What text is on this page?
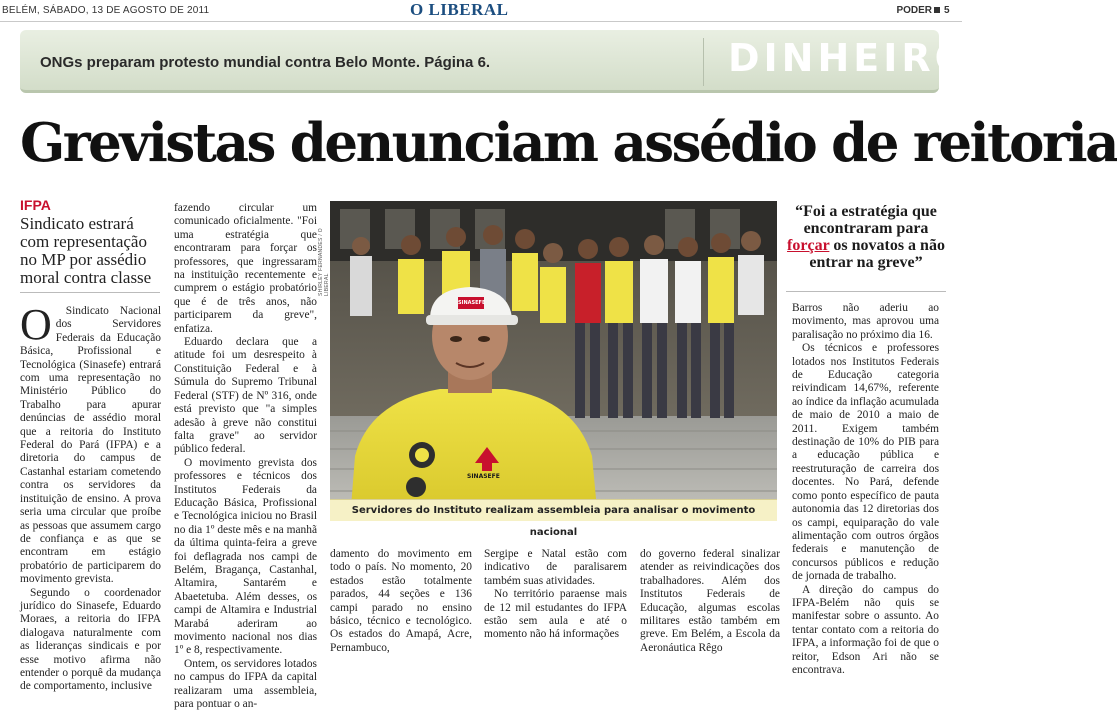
BELÉM, SÁBADO, 13 DE AGOSTO DE 2011	O LIBERAL	PODER 5
ONGs preparam protesto mundial contra Belo Monte. Página 6.	DINHEIRO
Grevistas denunciam assédio de reitoria
IFPA
Sindicato estrará com representação no MP por assédio moral contra classe
O	Sindicato Nacional dos Servidores Federais da Educação Básica, Profissional e Tecnológica (Sinasefe) entrará com uma representação no Ministério Público do Trabalho para apurar denúncias de assédio moral que a reitoria do Instituto Federal do Pará (IFPA) e a diretoria do campus de Castanhal estariam cometendo contra os servidores da instituição de ensino. A prova seria uma circular que proíbe as pessoas que assumem cargo de confiança e as que se encontram em estágio probatório de participarem do movimento grevista.

Segundo o coordenador jurídico do Sinasefe, Eduardo Moraes, a reitoria do IFPA dialogava naturalmente com as lideranças sindicais e por esse motivo afirma não entender o porquê da mudança de comportamento, inclusive

fazendo circular um comunicado oficialmente. "Foi uma estratégia que encontraram para forçar os professores, que ingressaram na instituição recentemente e cumprem o estágio probatório que é de três anos, não participarem da greve", enfatiza.

Eduardo declara que a atitude foi um desrespeito à Constituição Federal e à Súmula do Supremo Tribunal Federal (STF) de Nº 316, onde está previsto que "a simples adesão à greve não constitui falta grave" ao servidor público federal.

O movimento grevista dos professores e técnicos dos Institutos Federais da Educação Básica, Profissional e Tecnológica iniciou no Brasil no dia 1º deste mês e na manhã da última quinta-feira a greve foi deflagrada nos campi de Belém, Bragança, Castanhal, Altamira, Santarém e Abaetetuba. Além desses, os campi de Altamira e Industrial Marabá aderiram ao movimento nacional nos dias 1º e 8, respectivamente.

Ontem, os servidores lotados no campus do IFPA da capital realizaram uma assembleia, para pontuar o an-

SHIRLEY FERNANDES / O LIBERAL
SINASEFE
SINASEFE
Servidores do Instituto realizam assembleia para analisar o movimento nacional

damento do movimento em todo o país. No momento, 20 estados estão totalmente parados, 44 seções e 136 campi parado no ensino básico, técnico e tecnológico. Os estados do Amapá, Acre, Pernambuco,

Sergipe e Natal estão com indicativo de paralisarem também suas atividades.

No território paraense mais de 12 mil estudantes do IFPA estão sem aula e até o momento não há informações

do governo federal sinalizar atender as reivindicações dos trabalhadores. Além dos Institutos Federais de Educação, algumas escolas militares estão também em greve. Em Belém, a Escola da Aeronáutica Rêgo

“Foi a estratégia que encontraram para forçar os novatos a não entrar na greve”

Barros não aderiu ao movimento, mas aprovou uma paralisação no próximo dia 16.

Os técnicos e professores lotados nos Institutos Federais de Educação categoria reivindicam 14,67%, referente ao índice da inflação acumulada de maio de 2010 a maio de 2011. Exigem também destinação de 10% do PIB para a educação pública e reestruturação de carreira dos docentes. No Pará, defende como ponto específico de pauta autonomia das 12 diretorias dos os campi, equiparação do vale alimentação com outros órgãos federais e manutenção de concursos públicos e redução de jornada de trabalho.

A direção do campus do IFPA-Belém não quis se manifestar sobre o assunto. Ao tentar contato com a reitoria do IFPA, a informação foi de que o reitor, Edson Ari não se encontrava.
